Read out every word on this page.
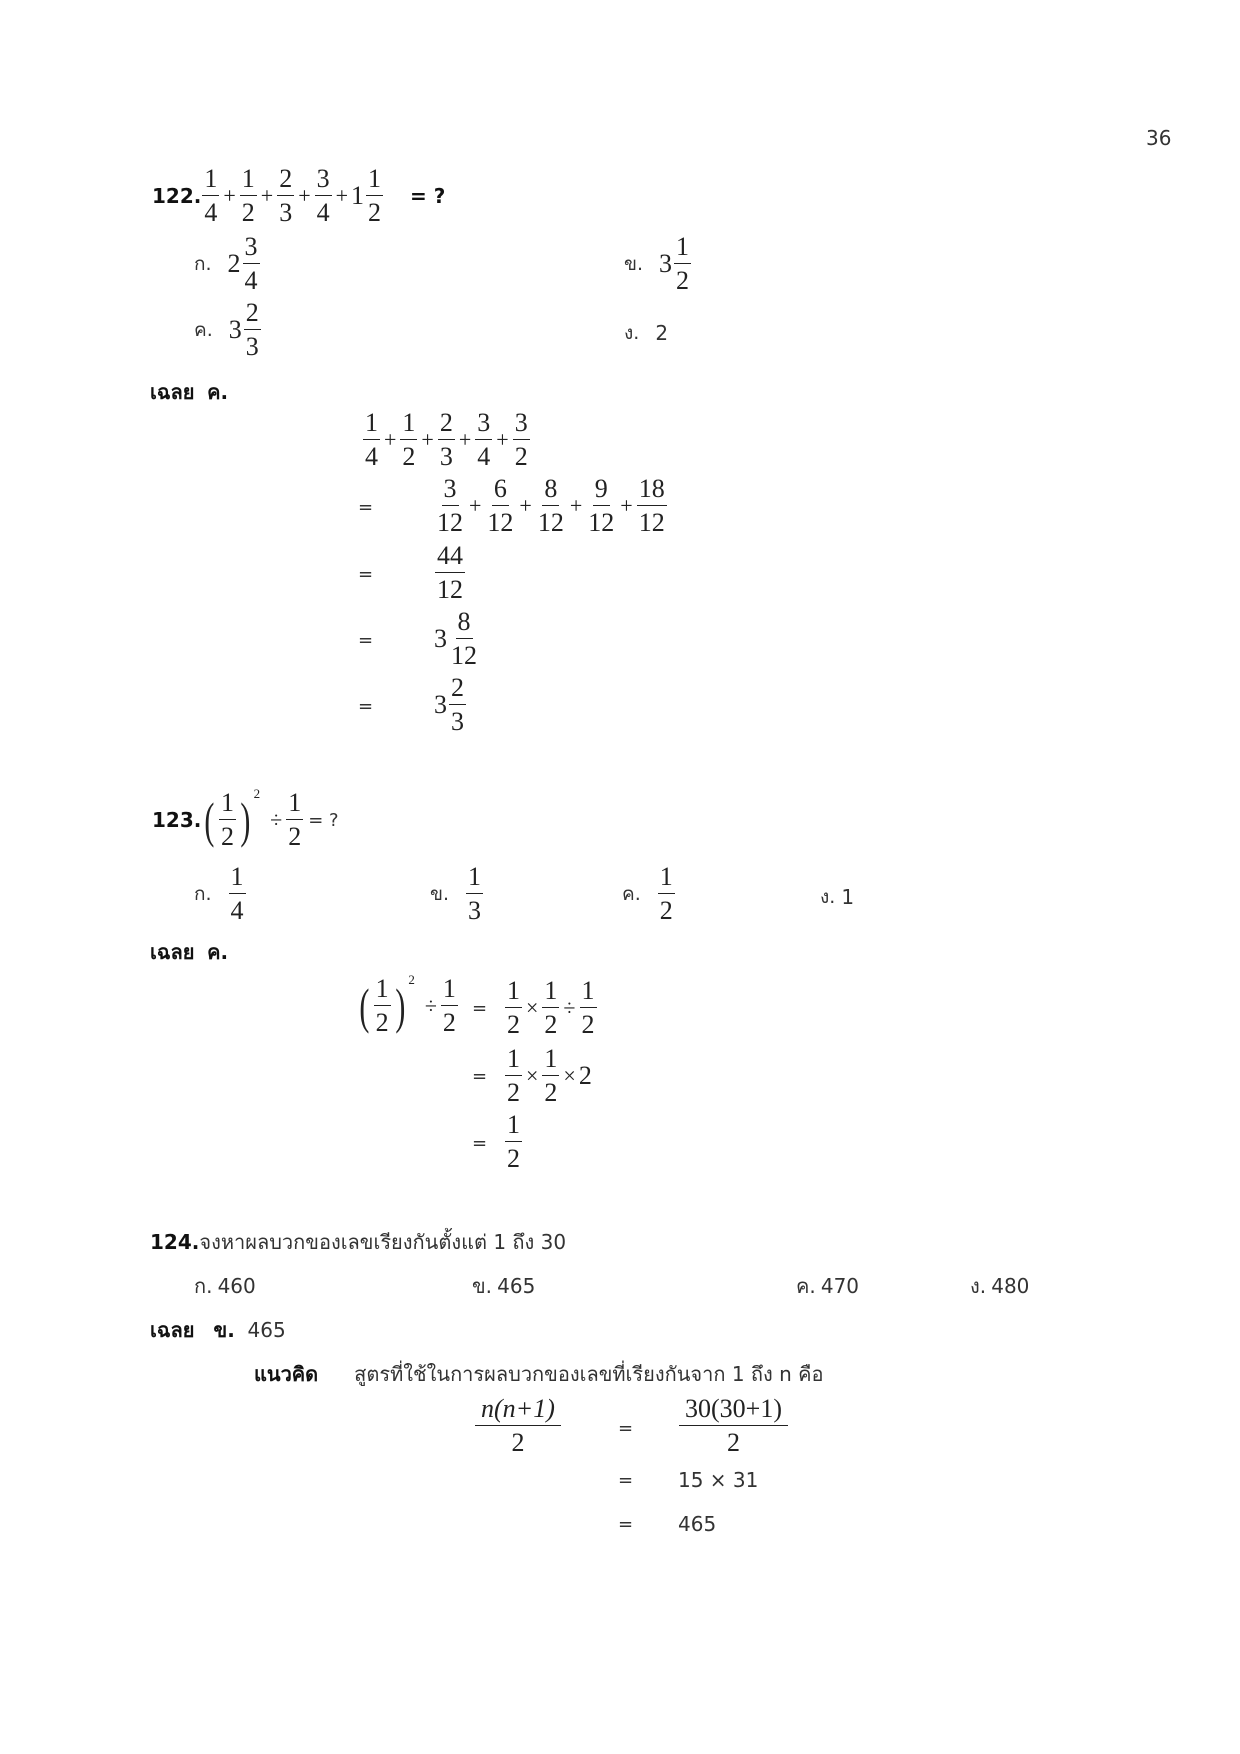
36
122. $\frac{1}{4} + \frac{1}{2} + \frac{2}{3} + \frac{3}{4} + 1 \frac{1}{2}$ = ?
ก. $2 \frac{3}{4}$	ข. $3 \frac{1}{2}$
ค. $3 \frac{2}{3}$	ง. 2
เฉลย ค.
$\frac{1}{4} + \frac{1}{2} + \frac{2}{3} + \frac{3}{4} + \frac{3}{2}$
= $\frac{3}{12} + \frac{6}{12} + \frac{8}{12} + \frac{9}{12} + \frac{18}{12}$
= $\frac{44}{12}$
= $3 \frac{8}{12}$
= $3 \frac{2}{3}$
123. ( $\frac{1}{2}$ ) 2
÷ $\frac{1}{2}$ = ?
ก. $\frac{1}{4}$	ข. $\frac{1}{3}$	ค. $\frac{1}{2}$	ง. 1
เฉลย ค.
( $\frac{1}{2}$ ) 2
÷ $\frac{1}{2} = \frac{1}{2} \times \frac{1}{2} \div \frac{1}{2}$
= $\frac{1}{2} \times \frac{1}{2} \times 2$
= $\frac{1}{2}$
124.จงหาผลบวกของเลขเรียงกันตั้งแต่ 1 ถึง 30
ก.
460	ข.
465	ค.
470	ง.
480
เฉลย ข. 465
แนวคิด สูตรที่ใช้ในการผลบวกของเลขที่เรียงกันจาก 1 ถึง n คือ
$\frac{n(n+1)}{2}$	= $\frac{30(30+1)}{2}$
= 15 × 31
= 465
